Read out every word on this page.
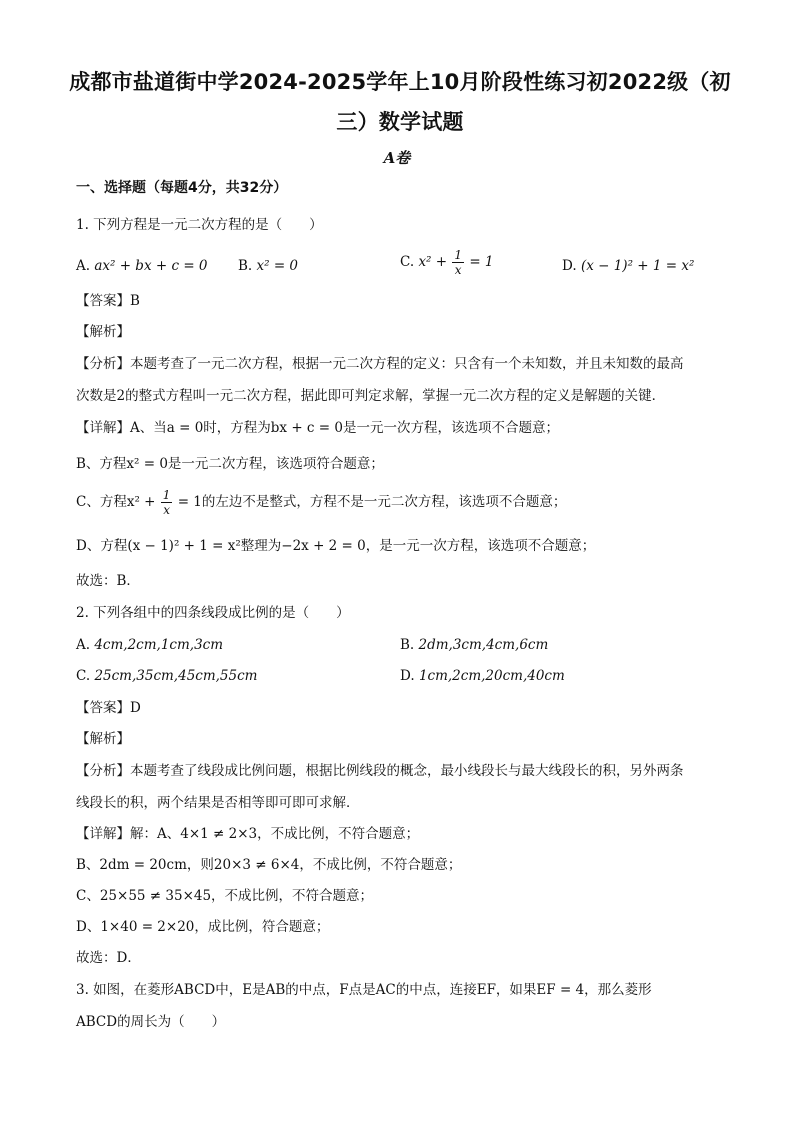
成都市盐道街中学2024-2025学年上10月阶段性练习初2022级（初
三）数学试题
A卷
一、选择题（每题4分，共32分）
1. 下列方程是一元二次方程的是（　　）
A. ax² + bx + c = 0 B. x² = 0	C. $x^2 + \frac{1}{x} = 1$	D. (x − 1)² + 1 = x²
【答案】B
【解析】
【分析】本题考查了一元二次方程，根据一元二次方程的定义：只含有一个未知数，并且未知数的最高
次数是2的整式方程叫一元二次方程，据此即可判定求解，掌握一元二次方程的定义是解题的关键．
【详解】A、当a = 0时，方程为bx + c = 0是一元一次方程，该选项不合题意；
B、方程x² = 0是一元二次方程，该选项符合题意；
C、方程$x^2 + \frac{1}{x} = 1$的左边不是整式，方程不是一元二次方程，该选项不合题意；
D、方程(x − 1)² + 1 = x²整理为−2x + 2 = 0，是一元一次方程，该选项不合题意；
故选：B．
2. 下列各组中的四条线段成比例的是（　　）
A. 4cm,2cm,1cm,3cm	B. 2dm,3cm,4cm,6cm
C. 25cm,35cm,45cm,55cm	D. 1cm,2cm,20cm,40cm
【答案】D
【解析】
【分析】本题考查了线段成比例问题，根据比例线段的概念，最小线段长与最大线段长的积，另外两条
线段长的积，两个结果是否相等即可即可求解．
【详解】解：A、4×1 ≠ 2×3，不成比例，不符合题意；
B、2dm = 20cm，则20×3 ≠ 6×4，不成比例，不符合题意；
C、25×55 ≠ 35×45，不成比例，不符合题意；
D、1×40 = 2×20，成比例，符合题意；
故选：D．
3. 如图，在菱形ABCD中，E是AB的中点，F点是AC的中点，连接EF，如果EF = 4，那么菱形
ABCD的周长为（　　）
